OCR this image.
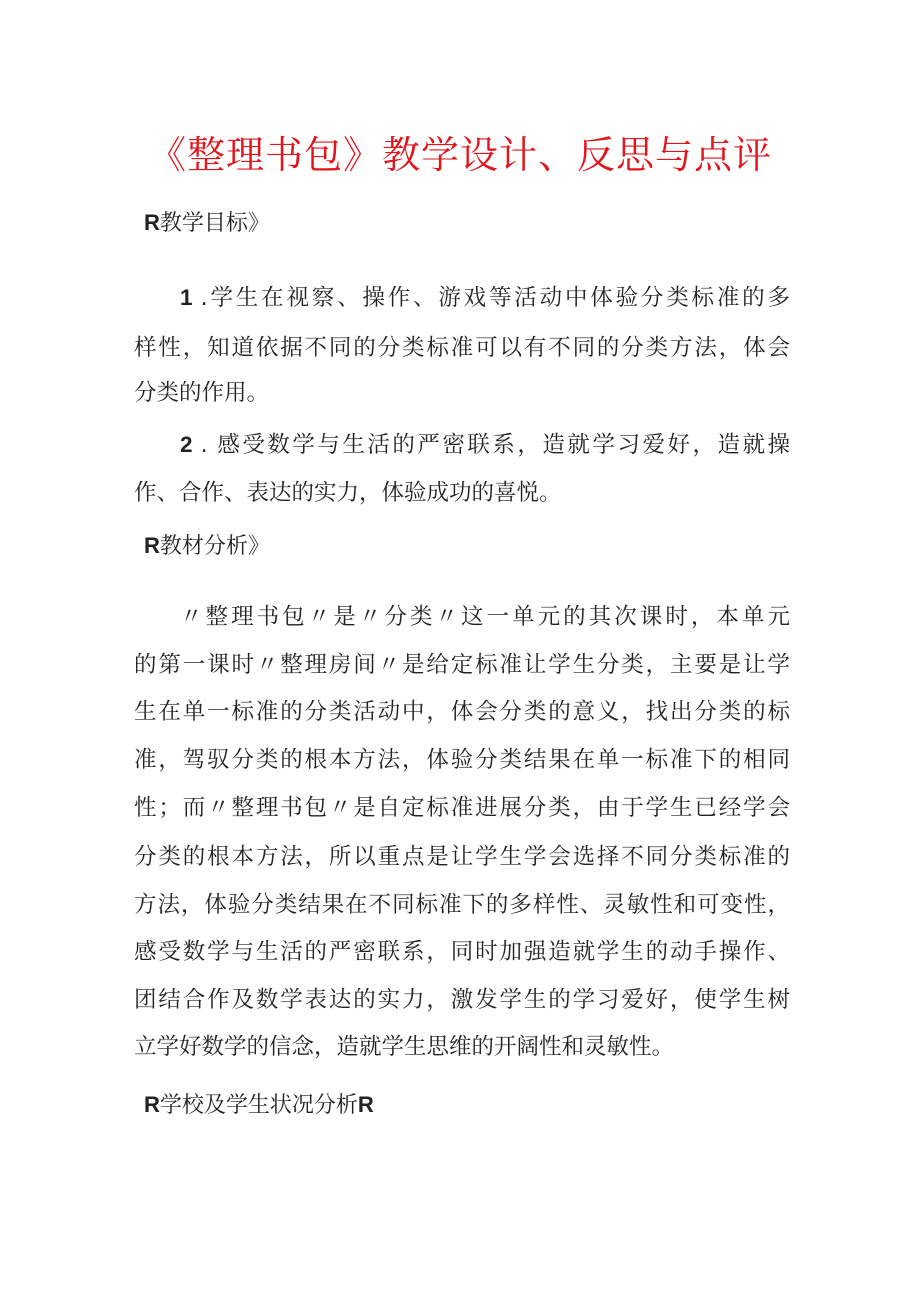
《整理书包》教学设计、反思与点评
R教学目标》
1 .学生在视察、操作、游戏等活动中体验分类标准的多
样性，知道依据不同的分类标准可以有不同的分类方法，体会
分类的作用。
2 . 感受数学与生活的严密联系，造就学习爱好，造就操
作、合作、表达的实力，体验成功的喜悦。
R教材分析》
〃整理书包〃是〃分类〃这一单元的其次课时，本单元
的第一课时〃整理房间〃是给定标准让学生分类，主要是让学
生在单一标准的分类活动中，体会分类的意义，找出分类的标
准，驾驭分类的根本方法，体验分类结果在单一标准下的相同
性；而〃整理书包〃是自定标准进展分类，由于学生已经学会
分类的根本方法，所以重点是让学生学会选择不同分类标准的
方法，体验分类结果在不同标准下的多样性、灵敏性和可变性，
感受数学与生活的严密联系，同时加强造就学生的动手操作、
团结合作及数学表达的实力，激发学生的学习爱好，使学生树
立学好数学的信念，造就学生思维的开阔性和灵敏性。
R学校及学生状况分析R
